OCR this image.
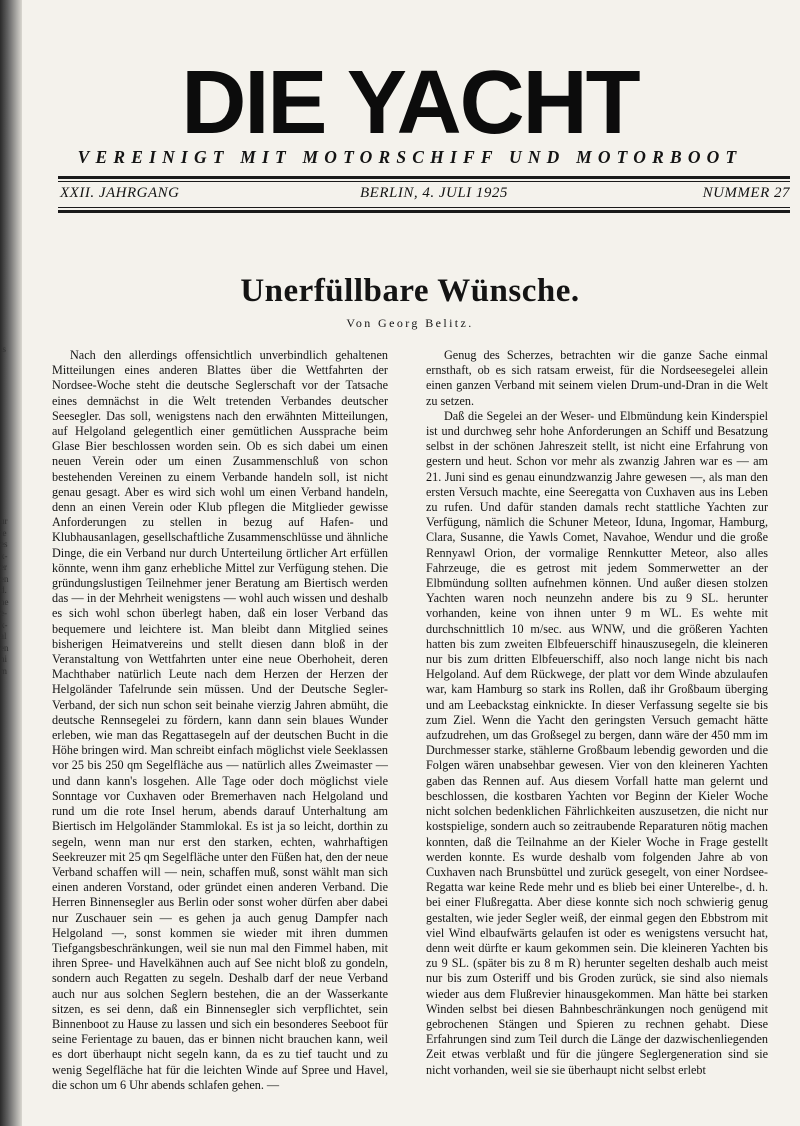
is
ur
te
es
k-
er
en
d.
ne
e-
k-
al
en
ni
m
DIE YACHT
VEREINIGT MIT MOTORSCHIFF UND MOTORBOOT
XXII. JAHRGANG	BERLIN, 4. JULI 1925	NUMMER 27
Unerfüllbare Wünsche.
Von Georg Belitz.

Nach den allerdings offensichtlich unverbindlich gehaltenen Mitteilungen eines anderen Blattes über die Wettfahrten der Nordsee-Woche steht die deutsche Seglerschaft vor der Tatsache eines demnächst in die Welt tretenden Verbandes deutscher Seesegler. Das soll, wenigstens nach den erwähnten Mitteilungen, auf Helgoland gelegentlich einer gemütlichen Aussprache beim Glase Bier beschlossen worden sein. Ob es sich dabei um einen neuen Verein oder um einen Zusammenschluß von schon bestehenden Vereinen zu einem Verbande handeln soll, ist nicht genau gesagt. Aber es wird sich wohl um einen Verband handeln, denn an einen Verein oder Klub pflegen die Mitglieder gewisse Anforderungen zu stellen in bezug auf Hafen- und Klubhausanlagen, gesellschaftliche Zusammenschlüsse und ähnliche Dinge, die ein Verband nur durch Unterteilung örtlicher Art erfüllen könnte, wenn ihm ganz erhebliche Mittel zur Verfügung stehen. Die gründungslustigen Teilnehmer jener Beratung am Biertisch werden das — in der Mehrheit wenigstens — wohl auch wissen und deshalb es sich wohl schon überlegt haben, daß ein loser Verband das bequemere und leichtere ist. Man bleibt dann Mitglied seines bisherigen Heimatvereins und stellt diesen dann bloß in der Veranstaltung von Wettfahrten unter eine neue Oberhoheit, deren Machthaber natürlich Leute nach dem Herzen der Herzen der Helgoländer Tafelrunde sein müssen. Und der Deutsche Segler-Verband, der sich nun schon seit beinahe vierzig Jahren abmüht, die deutsche Rennsegelei zu fördern, kann dann sein blaues Wunder erleben, wie man das Regattasegeln auf der deutschen Bucht in die Höhe bringen wird. Man schreibt einfach möglichst viele Seeklassen vor 25 bis 250 qm Segelfläche aus — natürlich alles Zweimaster — und dann kann's losgehen. Alle Tage oder doch möglichst viele Sonntage vor Cuxhaven oder Bremerhaven nach Helgoland und rund um die rote Insel herum, abends darauf Unterhaltung am Biertisch im Helgoländer Stammlokal. Es ist ja so leicht, dorthin zu segeln, wenn man nur erst den starken, echten, wahrhaftigen Seekreuzer mit 25 qm Segelfläche unter den Füßen hat, den der neue Verband schaffen will — nein, schaffen muß, sonst wählt man sich einen anderen Vorstand, oder gründet einen anderen Verband. Die Herren Binnensegler aus Berlin oder sonst woher dürfen aber dabei nur Zuschauer sein — es gehen ja auch genug Dampfer nach Helgoland —, sonst kommen sie wieder mit ihren dummen Tiefgangsbeschränkungen, weil sie nun mal den Fimmel haben, mit ihren Spree- und Havelkähnen auch auf See nicht bloß zu gondeln, sondern auch Regatten zu segeln. Deshalb darf der neue Verband auch nur aus solchen Seglern bestehen, die an der Wasserkante sitzen, es sei denn, daß ein Binnensegler sich verpflichtet, sein Binnenboot zu Hause zu lassen und sich ein besonderes Seeboot für seine Ferientage zu bauen, das er binnen nicht brauchen kann, weil es dort überhaupt nicht segeln kann, da es zu tief taucht und zu wenig Segelfläche hat für die leichten Winde auf Spree und Havel, die schon um 6 Uhr abends schlafen gehen. —

Genug des Scherzes, betrachten wir die ganze Sache einmal ernsthaft, ob es sich ratsam erweist, für die Nordseesegelei allein einen ganzen Verband mit seinem vielen Drum-und-Dran in die Welt zu setzen.

Daß die Segelei an der Weser- und Elbmündung kein Kinderspiel ist und durchweg sehr hohe Anforderungen an Schiff und Besatzung selbst in der schönen Jahreszeit stellt, ist nicht eine Erfahrung von gestern und heut. Schon vor mehr als zwanzig Jahren war es — am 21. Juni sind es genau einundzwanzig Jahre gewesen —, als man den ersten Versuch machte, eine Seeregatta von Cuxhaven aus ins Leben zu rufen. Und dafür standen damals recht stattliche Yachten zur Verfügung, nämlich die Schuner Meteor, Iduna, Ingomar, Hamburg, Clara, Susanne, die Yawls Comet, Navahoe, Wendur und die große Rennyawl Orion, der vormalige Rennkutter Meteor, also alles Fahrzeuge, die es getrost mit jedem Sommerwetter an der Elbmündung sollten aufnehmen können. Und außer diesen stolzen Yachten waren noch neunzehn andere bis zu 9 SL. herunter vorhanden, keine von ihnen unter 9 m WL. Es wehte mit durchschnittlich 10 m/sec. aus WNW, und die größeren Yachten hatten bis zum zweiten Elbfeuerschiff hinauszusegeln, die kleineren nur bis zum dritten Elbfeuerschiff, also noch lange nicht bis nach Helgoland. Auf dem Rückwege, der platt vor dem Winde abzulaufen war, kam Hamburg so stark ins Rollen, daß ihr Großbaum überging und am Leebackstag einknickte. In dieser Verfassung segelte sie bis zum Ziel. Wenn die Yacht den geringsten Versuch gemacht hätte aufzudrehen, um das Großsegel zu bergen, dann wäre der 450 mm im Durchmesser starke, stählerne Großbaum lebendig geworden und die Folgen wären unabsehbar gewesen. Vier von den kleineren Yachten gaben das Rennen auf. Aus diesem Vorfall hatte man gelernt und beschlossen, die kostbaren Yachten vor Beginn der Kieler Woche nicht solchen bedenklichen Fährlichkeiten auszusetzen, die nicht nur kostspielige, sondern auch so zeitraubende Reparaturen nötig machen konnten, daß die Teilnahme an der Kieler Woche in Frage gestellt werden konnte. Es wurde deshalb vom folgenden Jahre ab von Cuxhaven nach Brunsbüttel und zurück gesegelt, von einer Nordsee-Regatta war keine Rede mehr und es blieb bei einer Unterelbe-, d. h. bei einer Flußregatta. Aber diese konnte sich noch schwierig genug gestalten, wie jeder Segler weiß, der einmal gegen den Ebbstrom mit viel Wind elbaufwärts gelaufen ist oder es wenigstens versucht hat, denn weit dürfte er kaum gekommen sein. Die kleineren Yachten bis zu 9 SL. (später bis zu 8 m R) herunter segelten deshalb auch meist nur bis zum Osteriff und bis Groden zurück, sie sind also niemals wieder aus dem Flußrevier hinausgekommen. Man hätte bei starken Winden selbst bei diesen Bahnbeschränkungen noch genügend mit gebrochenen Stängen und Spieren zu rechnen gehabt. Diese Erfahrungen sind zum Teil durch die Länge der dazwischenliegenden Zeit etwas verblaßt und für die jüngere Seglergeneration sind sie nicht vorhanden, weil sie sie überhaupt nicht selbst erlebt
